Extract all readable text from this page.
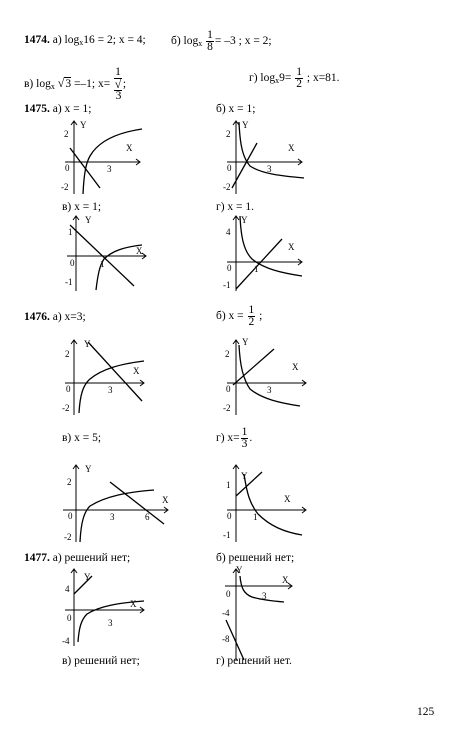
1474. а) $\log_x16 = 2$; x = 4; б) $\log_x \frac{1}{8} = -3$ ; x = 2;
в) $\log_x √3 =-1$; x= 1
√
3 ;	г) $\log_x9= \frac{1}{2}$ ; x=81.
1475. а) x = 1;	б) x = 1;
X
Y
0
2
-2
3
X
Y
0
2
-2
3
в) x = 1;	г) x = 1.
X
Y
0
1
-1
1
X
Y
0
4
-1
1
1476. а) x=3;	б) $x = \frac{1}{2}$ ;
X
Y
0
2
-2
3
X
Y
0
2
-2
3
в) x = 5;	г) $x= \frac{1}{3}$ .
X
Y
0
2
-2
3	6
X
Y
0
1
-1
1
1477. а) решений нет;	б) решений нет;
X
Y
0
4
-4
3
X
Y
0
-4
-8
3
в) решений нет;	г) решений нет.
125
